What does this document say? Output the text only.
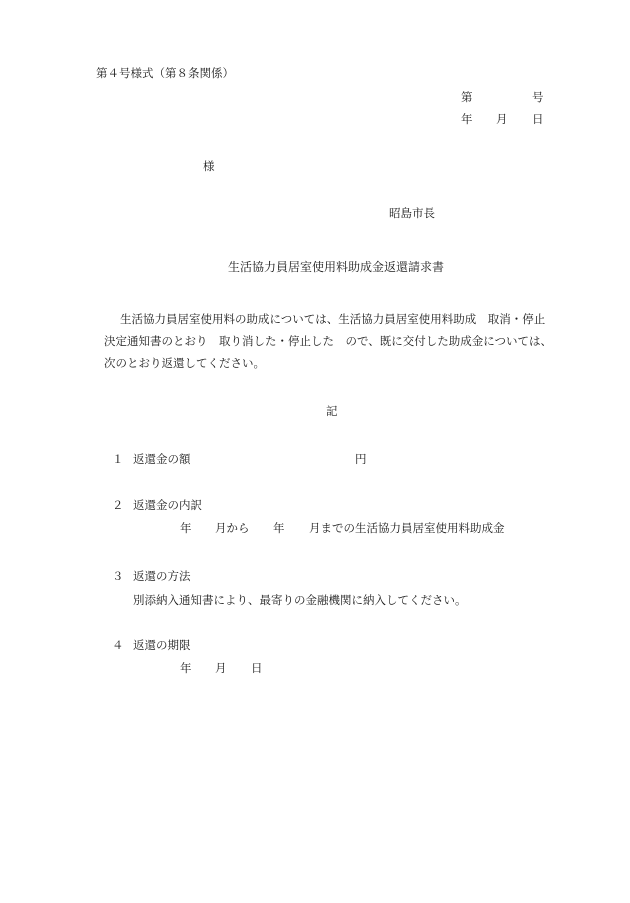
第４号様式（第８条関係）
第	号
年 月 日
様
昭島市長
生活協力員居室使用料助成金返還請求書
生活協力員居室使用料の助成については、生活協力員居室使用料助成　取消・停止
決定通知書のとおり　取り消した・停止した　ので、既に交付した助成金については、
次のとおり返還してください。
記
１ 返還金の額	円
２ 返還金の内訳
年 月から 年 月までの生活協力員居室使用料助成金
３ 返還の方法
別添納入通知書により、最寄りの金融機関に納入してください。
４ 返還の期限
年 月 日
